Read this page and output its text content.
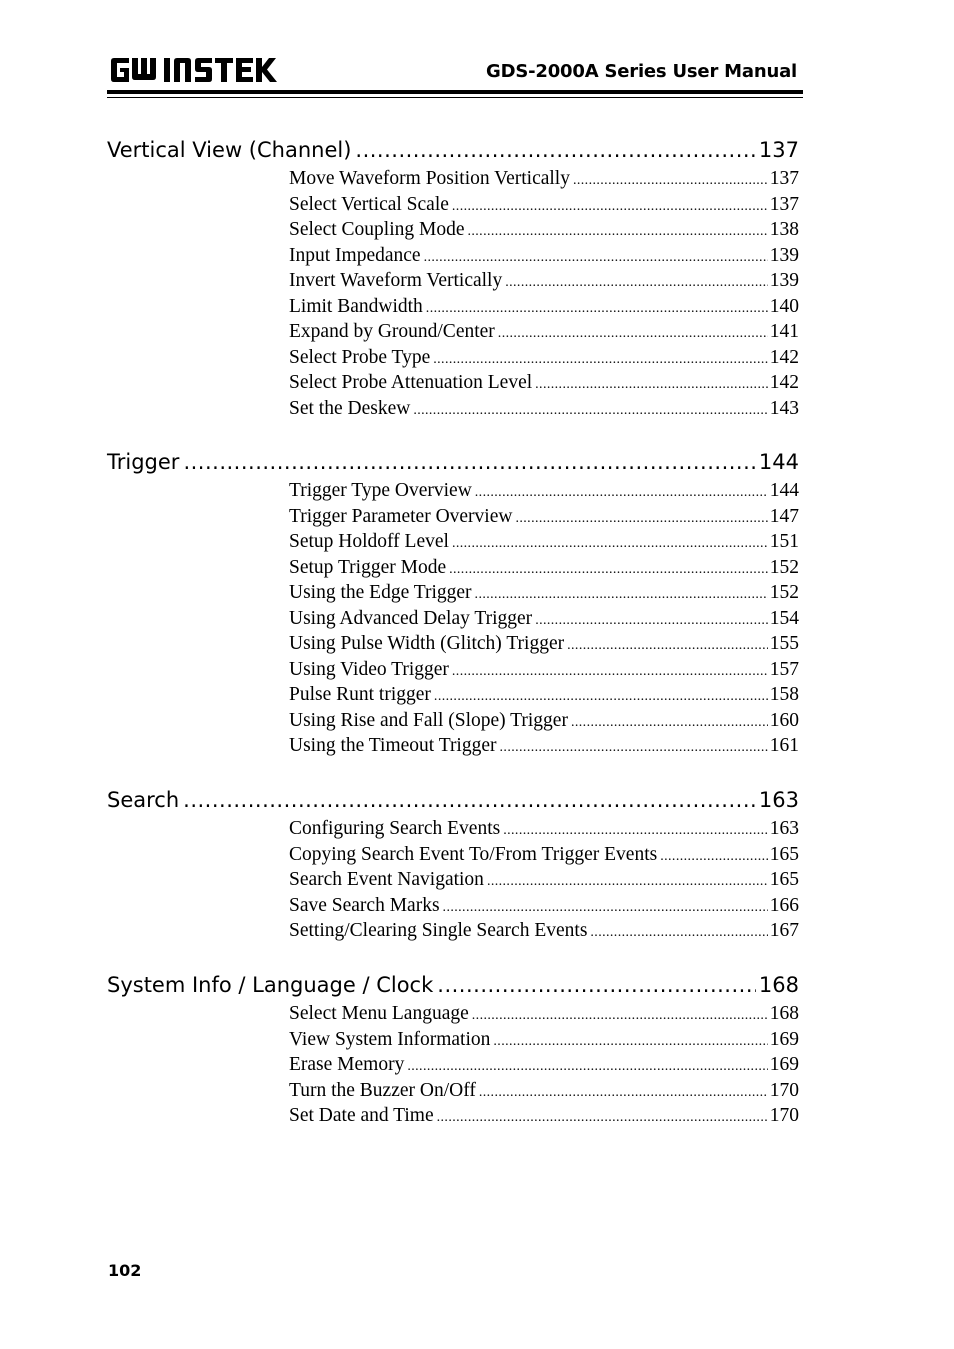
GDS-2000A Series User Manual
Vertical View (Channel) .....	137
Move Waveform Position Vertically .....	137
Select Vertical Scale .....	137
Select Coupling Mode .....	138
Input Impedance .....	139
Invert Waveform Vertically .....	139
Limit Bandwidth .....	140
Expand by Ground/Center .....	141
Select Probe Type .....	142
Select Probe Attenuation Level .....	142
Set the Deskew .....	143
Trigger .....	144
Trigger Type Overview .....	144
Trigger Parameter Overview .....	147
Setup Holdoff Level .....	151
Setup Trigger Mode .....	152
Using the Edge Trigger .....	152
Using Advanced Delay Trigger .....	154
Using Pulse Width (Glitch) Trigger .....	155
Using Video Trigger .....	157
Pulse Runt trigger .....	158
Using Rise and Fall (Slope) Trigger .....	160
Using the Timeout Trigger .....	161
Search .....	163
Configuring Search Events .....	163
Copying Search Event To/From Trigger Events .....	165
Search Event Navigation .....	165
Save Search Marks .....	166
Setting/Clearing Single Search Events .....	167
System Info / Language / Clock .....	168
Select Menu Language .....	168
View System Information .....	169
Erase Memory .....	169
Turn the Buzzer On/Off .....	170
Set Date and Time .....	170
102
